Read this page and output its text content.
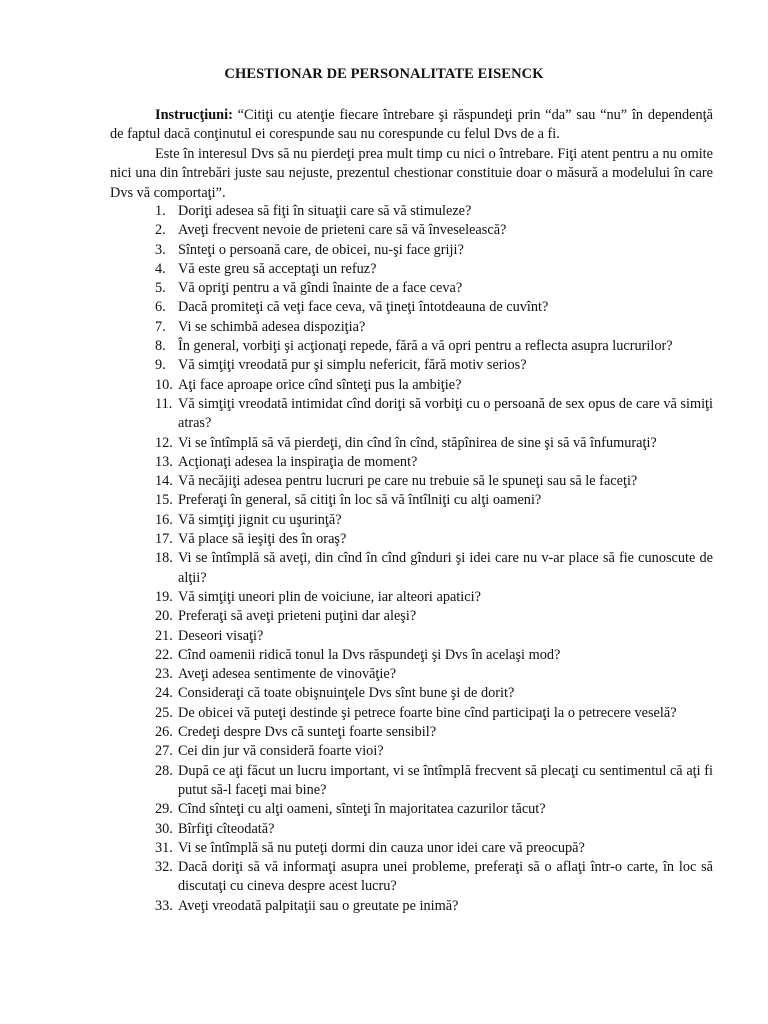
CHESTIONAR DE PERSONALITATE EISENCK

Instrucţiuni: “Citiţi cu atenţie fiecare întrebare şi răspundeţi prin “da” sau “nu” în dependenţă de faptul dacă conţinutul ei corespunde sau nu corespunde cu felul Dvs de a fi.

Este în interesul Dvs să nu pierdeţi prea mult timp cu nici o întrebare. Fiţi atent pentru a nu omite nici una din întrebări juste sau nejuste, prezentul chestionar constituie doar o măsură a modelului în care Dvs vă comportaţi”.

1. Doriţi adesea să fiţi în situaţii care să vă stimuleze?
2. Aveţi frecvent nevoie de prieteni care să vă înveselească?
3. Sînteţi o persoană care, de obicei, nu-şi face griji?
4. Vă este greu să acceptaţi un refuz?
5. Vă opriţi pentru a vă gîndi înainte de a face ceva?
6. Dacă promiteţi că veţi face ceva, vă ţineţi întotdeauna de cuvînt?
7. Vi se schimbă adesea dispoziţia?
8. În general, vorbiţi şi acţionaţi repede, fără a vă opri pentru a reflecta asupra lucrurilor?
9. Vă simţiţi vreodată pur şi simplu nefericit, fără motiv serios?
10. Aţi face aproape orice cînd sînteţi pus la ambiţie?
11. Vă simţiţi vreodată intimidat cînd doriţi să vorbiţi cu o persoană de sex opus de care vă simiţi atras?
12. Vi se întîmplă să vă pierdeţi, din cînd în cînd, stăpînirea de sine şi să vă înfumuraţi?
13. Acţionaţi adesea la inspiraţia de moment?
14. Vă necăjiţi adesea pentru lucruri pe care nu trebuie să le spuneţi sau să le faceţi?
15. Preferaţi în general, să citiţi în loc să vă întîlniţi cu alţi oameni?
16. Vă simţiţi jignit cu uşurinţă?
17. Vă place să ieşiţi des în oraş?
18. Vi se întîmplă să aveţi, din cînd în cînd gînduri şi idei care nu v-ar place să fie cunoscute de alţii?
19. Vă simţiţi uneori plin de voiciune, iar alteori apatici?
20. Preferaţi să aveţi prieteni puţini dar aleşi?
21. Deseori visaţi?
22. Cînd oamenii ridică tonul la Dvs răspundeţi şi Dvs în acelaşi mod?
23. Aveţi adesea sentimente de vinovăţie?
24. Consideraţi că toate obişnuinţele Dvs sînt bune şi de dorit?
25. De obicei vă puteţi destinde şi petrece foarte bine cînd participaţi la o petrecere veselă?
26. Credeţi despre Dvs că sunteţi foarte sensibil?
27. Cei din jur vă consideră foarte vioi?
28. După ce aţi făcut un lucru important, vi se întîmplă frecvent să plecaţi cu sentimentul că aţi fi putut să-l faceţi mai bine?
29. Cînd sînteţi cu alţi oameni, sînteţi în majoritatea cazurilor tăcut?
30. Bîrfiţi cîteodată?
31. Vi se întîmplă să nu puteţi dormi din cauza unor idei care vă preocupă?
32. Dacă doriţi să vă informaţi asupra unei probleme, preferaţi să o aflaţi într-o carte, în loc să discutaţi cu cineva despre acest lucru?
33. Aveţi vreodată palpitaţii sau o greutate pe inimă?
